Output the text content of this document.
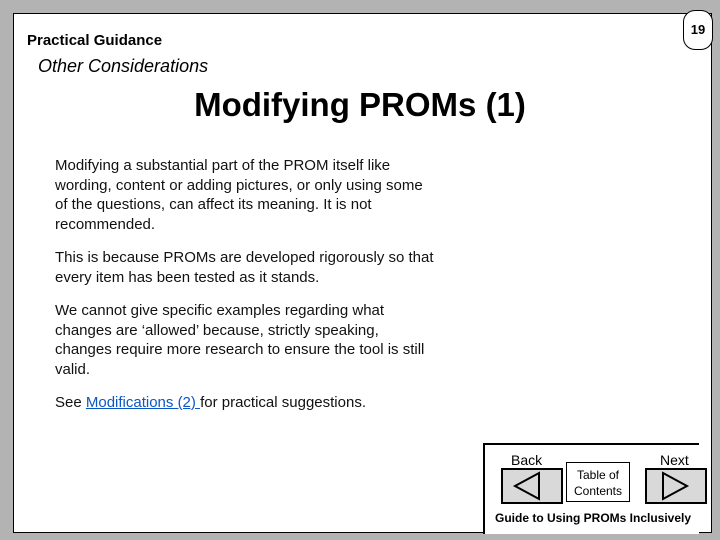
19
Practical Guidance
Other Considerations
Modifying PROMs (1)

Modifying a substantial part of the PROM itself like wording, content or adding pictures, or only using some of the questions, can affect its meaning. It is not recommended.

This is because PROMs are developed rigorously so that every item has been tested as it stands.

We cannot give specific examples regarding what changes are ‘allowed’ because, strictly speaking, changes require more research to ensure the tool is still valid.

See Modifications (2) for practical suggestions.

Back	Next
Table of
Contents
Guide to Using PROMs Inclusively
